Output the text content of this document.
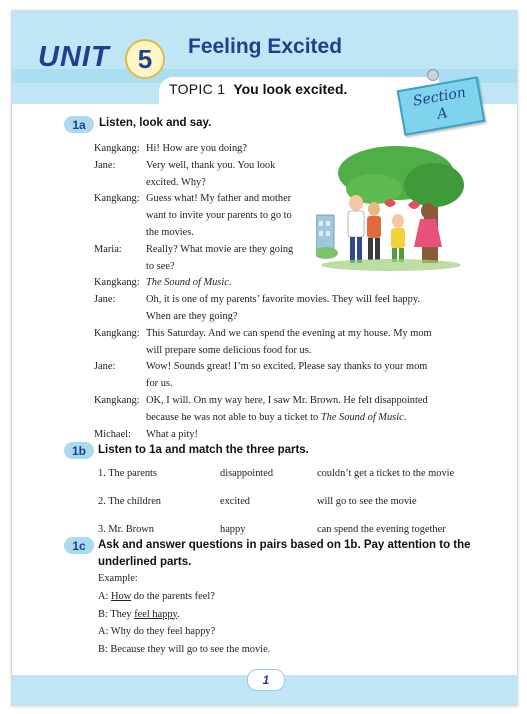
UNIT 5 Feeling Excited
TOPIC 1 You look excited.	Section
A
1a	Listen, look and say.
Kangkang: Hi! How are you doing?
Jane:	Very well, thank you. You look
excited. Why?
Kangkang: Guess what! My father and mother
want to invite your parents to go to
the movies.
Maria:	Really? What movie are they going
to see?
Kangkang: The Sound of Music.
Jane:	Oh, it is one of my parents’ favorite movies. They will feel happy.
When are they going?
Kangkang: This Saturday. And we can spend the evening at my house. My mom
will prepare some delicious food for us.
Jane:	Wow! Sounds great! I’m so excited. Please say thanks to your mom
for us.
Kangkang: OK, I will. On my way here, I saw Mr. Brown. He felt disappointed
because he was not able to buy a ticket to The Sound of Music.
Michael:	What a pity!
1b	Listen to 1a and match the three parts.
1. The parents	disappointed	couldn’t get a ticket to the movie
2. The children	excited	will go to see the movie
3. Mr. Brown	happy	can spend the evening together
1c	Ask and answer questions in pairs based on 1b. Pay attention to the
underlined parts.
Example:
A: How do the parents feel?
B: They feel happy.
A: Why do they feel happy?
B: Because they will go to see the movie.
1
